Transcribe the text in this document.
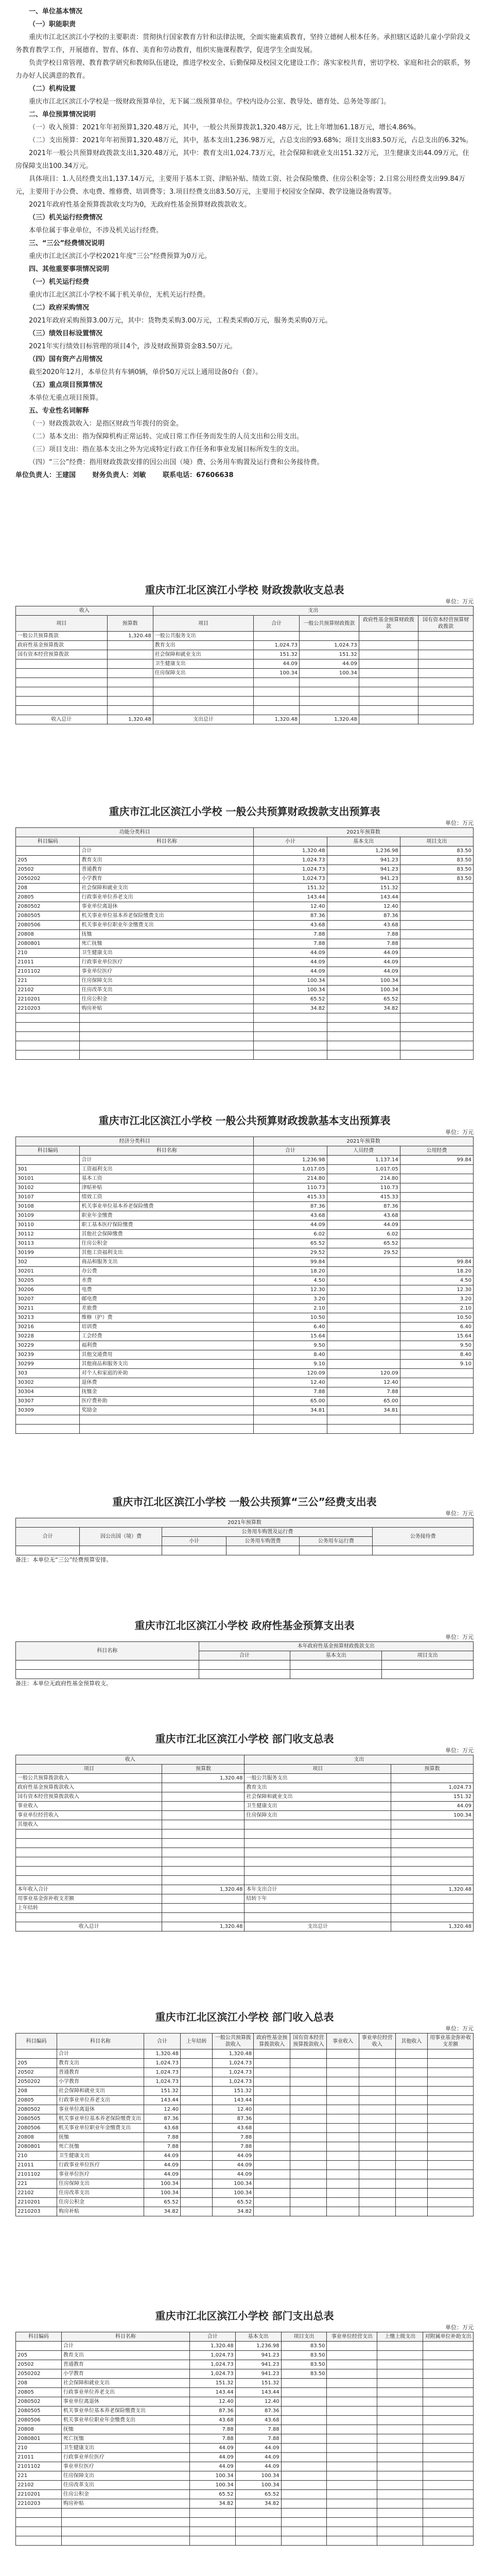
一、单位基本情况
（一）职能职责

重庆市江北区滨江小学校的主要职责：贯彻执行国家教育方针和法律法规，全面实施素质教育，坚持立德树人根本任务。承担辖区适龄儿童小学阶段义务教育教学工作，开展德育、智育、体育、美育和劳动教育，组织实施课程教学，促进学生全面发展。

负责学校日常管理、教育教学研究和教师队伍建设，推进学校安全、后勤保障及校园文化建设工作；落实家校共育，密切学校、家庭和社会的联系，努力办好人民满意的教育。

（二）机构设置

重庆市江北区滨江小学校是一级财政预算单位，无下属二级预算单位。学校内设办公室、教导处、德育处、总务处等部门。

二、单位预算情况说明

（一）收入预算：2021年年初预算1,320.48万元，其中，一般公共预算拨款1,320.48万元，比上年增加61.18万元，增长4.86%。

（二）支出预算：2021年年初预算1,320.48万元，其中，基本支出1,236.98万元，占总支出的93.68%；项目支出83.50万元，占总支出的6.32%。

2021年一般公共预算财政拨款支出1,320.48万元，其中：教育支出1,024.73万元，社会保障和就业支出151.32万元，卫生健康支出44.09万元，住房保障支出100.34万元。

具体项目：1.人员经费支出1,137.14万元，主要用于基本工资、津贴补贴、绩效工资、社会保险缴费、住房公积金等；2.日常公用经费支出99.84万元，主要用于办公费、水电费、维修费、培训费等；3.项目经费支出83.50万元，主要用于校园安全保障、教学设施设备购置等。

2021年政府性基金预算拨款收支均为0，无政府性基金预算财政拨款收支。

（三）机关运行经费情况

本单位属于事业单位，不涉及机关运行经费。

三、“三公”经费情况说明

重庆市江北区滨江小学校2021年度“三公”经费预算为0万元。

四、其他重要事项情况说明
（一）机关运行经费

重庆市江北区滨江小学校不属于机关单位，无机关运行经费。

（二）政府采购情况

2021年政府采购预算3.00万元，其中：货物类采购3.00万元，工程类采购0万元，服务类采购0万元。

（三）绩效目标设置情况

2021年实行绩效目标管理的项目4个，涉及财政预算资金83.50万元。

（四）国有资产占用情况

截至2020年12月，本单位共有车辆0辆，单价50万元以上通用设备0台（套）。

（五）重点项目预算情况

本单位无重点项目预算。

五、专业性名词解释

（一）财政拨款收入：是指区财政当年拨付的资金。

（二）基本支出：指为保障机构正常运转、完成日常工作任务而发生的人员支出和公用支出。

（三）项目支出：指在基本支出之外为完成特定行政工作任务和事业发展目标所发生的支出。

（四）“三公”经费：指用财政拨款安排的因公出国（境）费、公务用车购置及运行费和公务接待费。

单位负责人：王建国	财务负责人：刘敏	联系电话：67606638
重庆市江北区滨江小学校 财政拨款收支总表
单位：万元
收入		支出				
项目	预算数	项目	合计	一般公共预算财政拨款	政府性基金预算财政拨款	国有资本经营预算财政拨款
一般公共预算拨款	1,320.48	一般公共服务支出				
政府性基金预算拨款		教育支出	1,024.73	1,024.73		
国有资本经营预算拨款		社会保障和就业支出	151.32	151.32		
		卫生健康支出	44.09	44.09		
		住房保障支出	100.34	100.34		

收入总计	1,320.48	支出总计	1,320.48	1,320.48		
重庆市江北区滨江小学校 一般公共预算财政拨款支出预算表
单位：万元
功能分类科目		2021年预算数		
科目编码	科目名称	小计	基本支出	项目支出
	合计	1,320.48	1,236.98	83.50
205	教育支出	1,024.73	941.23	83.50
20502	普通教育	1,024.73	941.23	83.50
2050202	小学教育	1,024.73	941.23	83.50
208	社会保障和就业支出	151.32	151.32	
20805	行政事业单位养老支出	143.44	143.44	
2080502	事业单位离退休	12.40	12.40	
2080505	机关事业单位基本养老保险缴费支出	87.36	87.36	
2080506	机关事业单位职业年金缴费支出	43.68	43.68	
20808	抚恤	7.88	7.88	
2080801	死亡抚恤	7.88	7.88	
210	卫生健康支出	44.09	44.09	
21011	行政事业单位医疗	44.09	44.09	
2101102	事业单位医疗	44.09	44.09	
221	住房保障支出	100.34	100.34	
22102	住房改革支出	100.34	100.34	
2210201	住房公积金	65.52	65.52	
2210203	购房补贴	34.82	34.82	

重庆市江北区滨江小学校 一般公共预算财政拨款基本支出预算表
单位：万元
经济分类科目		2021年预算数		
科目编码	科目名称	合计	人员经费	公用经费
	合计	1,236.98	1,137.14	99.84
301	工资福利支出	1,017.05	1,017.05	
30101	基本工资	214.80	214.80	
30102	津贴补贴	110.73	110.73	
30107	绩效工资	415.33	415.33	
30108	机关事业单位基本养老保险缴费	87.36	87.36	
30109	职业年金缴费	43.68	43.68	
30110	职工基本医疗保险缴费	44.09	44.09	
30112	其他社会保障缴费	6.02	6.02	
30113	住房公积金	65.52	65.52	
30199	其他工资福利支出	29.52	29.52	
302	商品和服务支出	99.84		99.84
30201	办公费	18.20		18.20
30205	水费	4.50		4.50
30206	电费	12.30		12.30
30207	邮电费	3.20		3.20
30211	差旅费	2.10		2.10
30213	维修（护）费	10.50		10.50
30216	培训费	6.40		6.40
30228	工会经费	15.64		15.64
30229	福利费	9.50		9.50
30239	其他交通费用	8.40		8.40
30299	其他商品和服务支出	9.10		9.10
303	对个人和家庭的补助	120.09	120.09	
30302	退休费	12.40	12.40	
30304	抚恤金	7.88	7.88	
30307	医疗费补助	65.00	65.00	
30309	奖励金	34.81	34.81	

重庆市江北区滨江小学校 一般公共预算“三公”经费支出表
单位：万元
2021年预算数					
合计	因公出国（境）费	公务用车购置及运行费			公务接待费
		小计	公务用车购置费	公务用车运行费	

备注：本单位无“三公”经费预算安排。
重庆市江北区滨江小学校 政府性基金预算支出表
单位：万元
科目名称	本年政府性基金预算财政拨款支出		
	合计	基本支出	项目支出

备注：本单位无政府性基金预算收支。
重庆市江北区滨江小学校 部门收支总表
单位：万元
收入		支出	
项目	预算数	项目	预算数
一般公共预算拨款收入	1,320.48	一般公共服务支出	
政府性基金预算拨款收入		教育支出	1,024.73
国有资本经营预算拨款收入		社会保障和就业支出	151.32
事业收入		卫生健康支出	44.09
事业单位经营收入		住房保障支出	100.34
其他收入			

本年收入合计	1,320.48	本年支出合计	1,320.48
用事业基金弥补收支差额		结转下年	
上年结转			

收入总计	1,320.48	支出总计	1,320.48
重庆市江北区滨江小学校 部门收入总表
单位：万元
科目编码	科目名称	合计	上年结转	一般公共预算拨款收入	政府性基金预算拨款收入	国有资本经营预算拨款收入	事业收入	事业单位经营收入	其他收入	用事业基金弥补收支差额
	合计	1,320.48		1,320.48						
205	教育支出	1,024.73		1,024.73						
20502	普通教育	1,024.73		1,024.73						
2050202	小学教育	1,024.73		1,024.73						
208	社会保障和就业支出	151.32		151.32						
20805	行政事业单位养老支出	143.44		143.44						
2080502	事业单位离退休	12.40		12.40						
2080505	机关事业单位基本养老保险缴费支出	87.36		87.36						
2080506	机关事业单位职业年金缴费支出	43.68		43.68						
20808	抚恤	7.88		7.88						
2080801	死亡抚恤	7.88		7.88						
210	卫生健康支出	44.09		44.09						
21011	行政事业单位医疗	44.09		44.09						
2101102	事业单位医疗	44.09		44.09						
221	住房保障支出	100.34		100.34						
22102	住房改革支出	100.34		100.34						
2210201	住房公积金	65.52		65.52						
2210203	购房补贴	34.82		34.82						
重庆市江北区滨江小学校 部门支出总表
单位：万元
科目编码	科目名称	合计	基本支出	项目支出	事业单位经营支出	上缴上级支出	对附属单位补助支出
	合计	1,320.48	1,236.98	83.50			
205	教育支出	1,024.73	941.23	83.50			
20502	普通教育	1,024.73	941.23	83.50			
2050202	小学教育	1,024.73	941.23	83.50			
208	社会保障和就业支出	151.32	151.32				
20805	行政事业单位养老支出	143.44	143.44				
2080502	事业单位离退休	12.40	12.40				
2080505	机关事业单位基本养老保险缴费支出	87.36	87.36				
2080506	机关事业单位职业年金缴费支出	43.68	43.68				
20808	抚恤	7.88	7.88				
2080801	死亡抚恤	7.88	7.88				
210	卫生健康支出	44.09	44.09				
21011	行政事业单位医疗	44.09	44.09				
2101102	事业单位医疗	44.09	44.09				
221	住房保障支出	100.34	100.34				
22102	住房改革支出	100.34	100.34				
2210201	住房公积金	65.52	65.52				
2210203	购房补贴	34.82	34.82				
